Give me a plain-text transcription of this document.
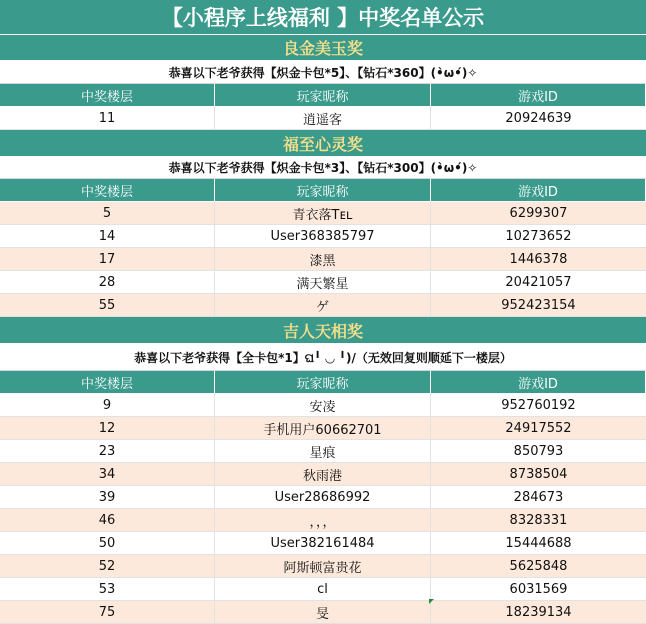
【小程序上线福利 】中奖名单公示
良金美玉奖
恭喜以下老爷获得【炽金卡包*5】、【钻石*360】(•̀ω•́)✧
中奖楼层	玩家昵称	游戏ID
11	逍遥客	20924639
福至心灵奖
恭喜以下老爷获得【炽金卡包*3】、【钻石*300】(•̀ω•́)✧
中奖楼层	玩家昵称	游戏ID
5	青衣落Tᴇʟ	6299307
14	User368385797	10273652
17	漆黑	1446378
28	满天繁星	20421057
55	ゲ	952423154
吉人天相奖
恭喜以下老爷获得【全卡包*1】ଘ╹ ◡ ╹)/（无效回复则顺延下一楼层）
中奖楼层	玩家昵称	游戏ID
9	安凌	952760192
12	手机用户60662701	24917552
23	星痕	850793
34	秋雨港	8738504
39	User28686992	284673
46	，，，	8328331
50	User382161484	15444688
52	阿斯顿富贵花	5625848
53	cl	6031569
75	旻	18239134
